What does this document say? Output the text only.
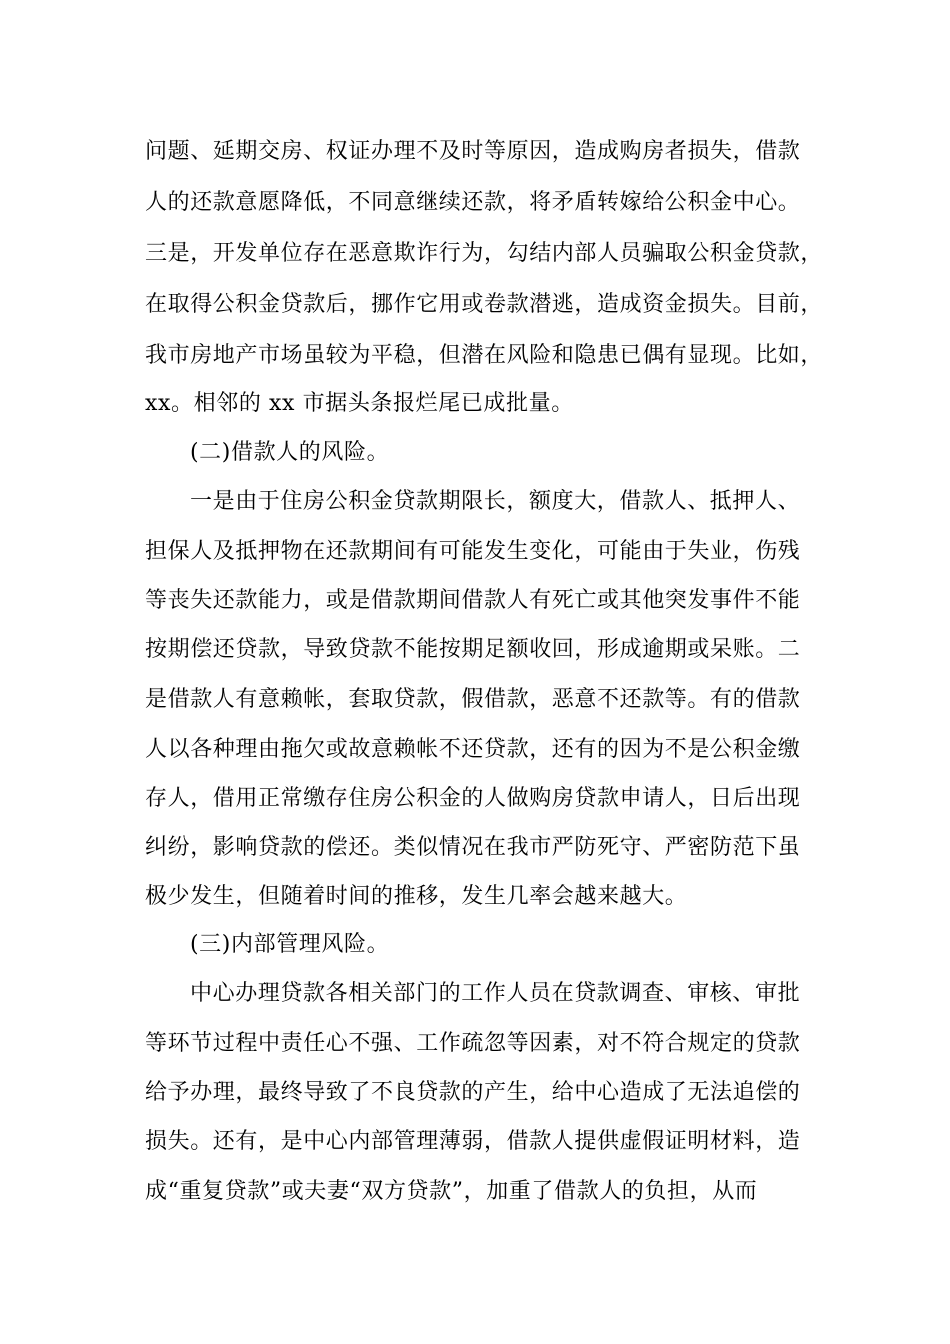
问题、延期交房、权证办理不及时等原因，造成购房者损失，借款
人的还款意愿降低，不同意继续还款，将矛盾转嫁给公积金中心。
三是，开发单位存在恶意欺诈行为，勾结内部人员骗取公积金贷款，
在取得公积金贷款后，挪作它用或卷款潜逃，造成资金损失。目前，
我市房地产市场虽较为平稳，但潜在风险和隐患已偶有显现。比如，
xx。相邻的 xx 市据头条报烂尾已成批量。
(二)借款人的风险。
一是由于住房公积金贷款期限长，额度大，借款人、抵押人、
担保人及抵押物在还款期间有可能发生变化，可能由于失业，伤残
等丧失还款能力，或是借款期间借款人有死亡或其他突发事件不能
按期偿还贷款，导致贷款不能按期足额收回，形成逾期或呆账。二
是借款人有意赖帐，套取贷款，假借款，恶意不还款等。有的借款
人以各种理由拖欠或故意赖帐不还贷款，还有的因为不是公积金缴
存人，借用正常缴存住房公积金的人做购房贷款申请人，日后出现
纠纷，影响贷款的偿还。类似情况在我市严防死守、严密防范下虽
极少发生，但随着时间的推移，发生几率会越来越大。
(三)内部管理风险。
中心办理贷款各相关部门的工作人员在贷款调查、审核、审批
等环节过程中责任心不强、工作疏忽等因素，对不符合规定的贷款
给予办理，最终导致了不良贷款的产生，给中心造成了无法追偿的
损失。还有，是中心内部管理薄弱，借款人提供虚假证明材料，造
成“重复贷款”或夫妻“双方贷款”，加重了借款人的负担，从而
